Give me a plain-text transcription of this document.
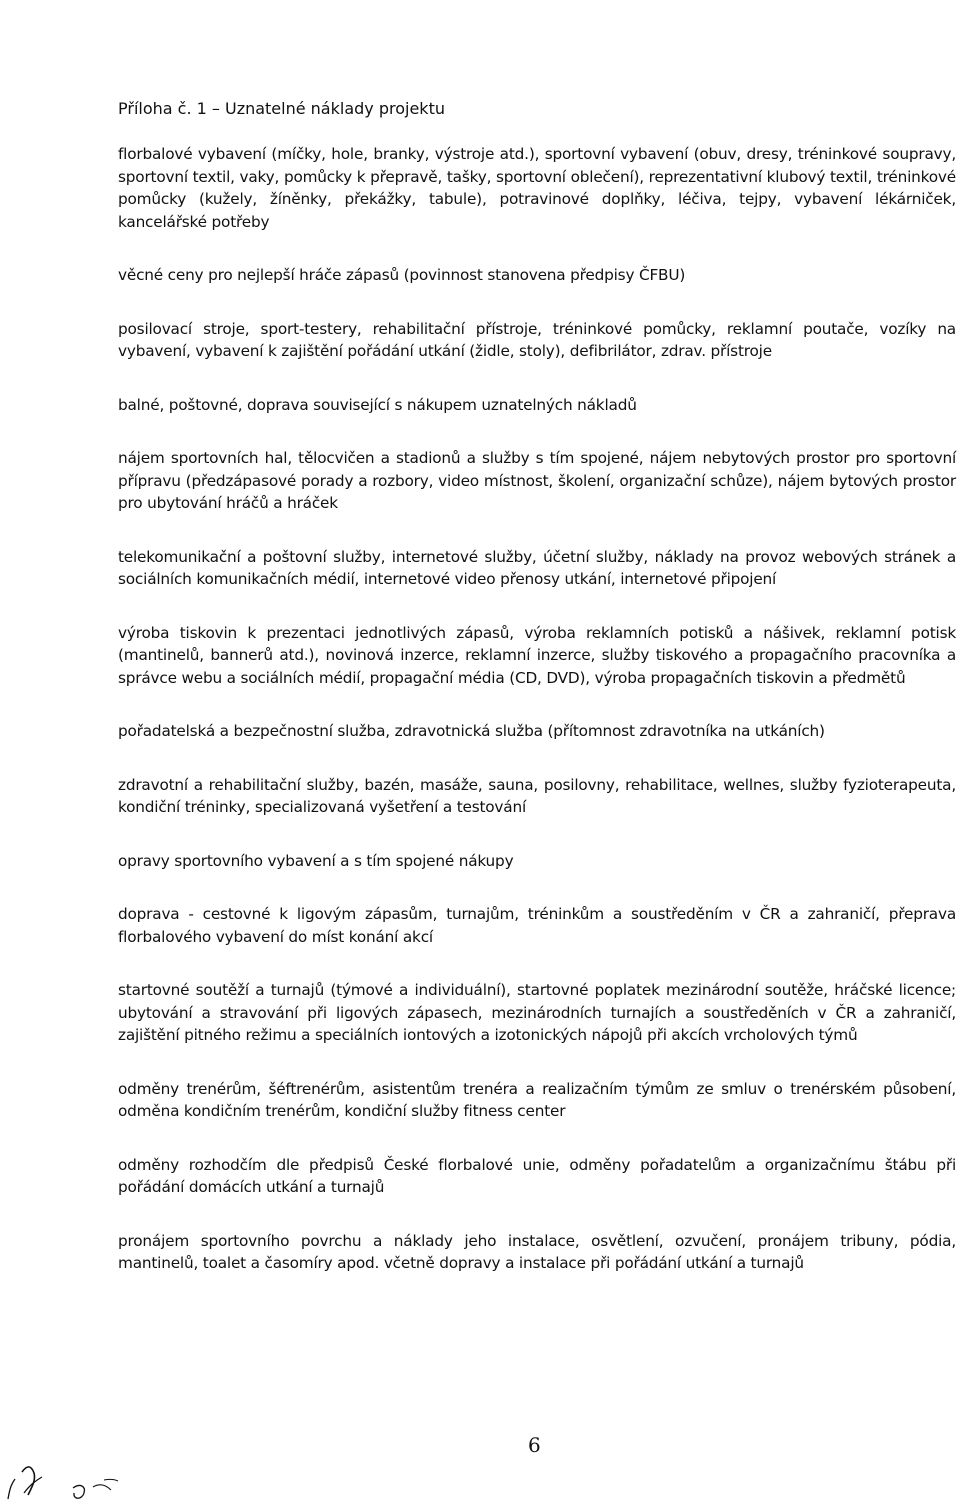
Příloha č. 1 – Uznatelné náklady projektu

florbalové vybavení (míčky, hole, branky, výstroje atd.), sportovní vybavení (obuv, dresy, tréninkové soupravy, sportovní textil, vaky, pomůcky k přepravě, tašky, sportovní oblečení), reprezentativní klubový textil, tréninkové pomůcky (kužely, žíněnky, překážky, tabule), potravinové doplňky, léčiva, tejpy, vybavení lékárniček, kancelářské potřeby

věcné ceny pro nejlepší hráče zápasů (povinnost stanovena předpisy ČFBU)

posilovací stroje, sport-testery, rehabilitační přístroje, tréninkové pomůcky, reklamní poutače, vozíky na vybavení, vybavení k zajištění pořádání utkání (židle, stoly), defibrilátor, zdrav. přístroje

balné, poštovné, doprava související s nákupem uznatelných nákladů

nájem sportovních hal, tělocvičen a stadionů a služby s tím spojené, nájem nebytových prostor pro sportovní přípravu (předzápasové porady a rozbory, video místnost, školení, organizační schůze), nájem bytových prostor pro ubytování hráčů a hráček

telekomunikační a poštovní služby, internetové služby, účetní služby, náklady na provoz webových stránek a sociálních komunikačních médií, internetové video přenosy utkání, internetové připojení

výroba tiskovin k prezentaci jednotlivých zápasů, výroba reklamních potisků a nášivek, reklamní potisk (mantinelů, bannerů atd.), novinová inzerce, reklamní inzerce, služby tiskového a propagačního pracovníka a správce webu a sociálních médií, propagační média (CD, DVD), výroba propagačních tiskovin a předmětů

pořadatelská a bezpečnostní služba, zdravotnická služba (přítomnost zdravotníka na utkáních)

zdravotní a rehabilitační služby, bazén, masáže, sauna, posilovny, rehabilitace, wellnes, služby fyzioterapeuta, kondiční tréninky, specializovaná vyšetření a testování

opravy sportovního vybavení a s tím spojené nákupy

doprava - cestovné k ligovým zápasům, turnajům, tréninkům a soustředěním v ČR a zahraničí, přeprava florbalového vybavení do míst konání akcí

startovné soutěží a turnajů (týmové a individuální), startovné poplatek mezinárodní soutěže, hráčské licence; ubytování a stravování při ligových zápasech, mezinárodních turnajích a soustředěních v ČR a zahraničí, zajištění pitného režimu a speciálních iontových a izotonických nápojů při akcích vrcholových týmů

odměny trenérům, šéftrenérům, asistentům trenéra a realizačním týmům ze smluv o trenérském působení, odměna kondičním trenérům, kondiční služby fitness center

odměny rozhodčím dle předpisů České florbalové unie, odměny pořadatelům a organizačnímu štábu při pořádání domácích utkání a turnajů

pronájem sportovního povrchu a náklady jeho instalace, osvětlení, ozvučení, pronájem tribuny, pódia, mantinelů, toalet a časomíry apod. včetně dopravy a instalace při pořádání utkání a turnajů

6
